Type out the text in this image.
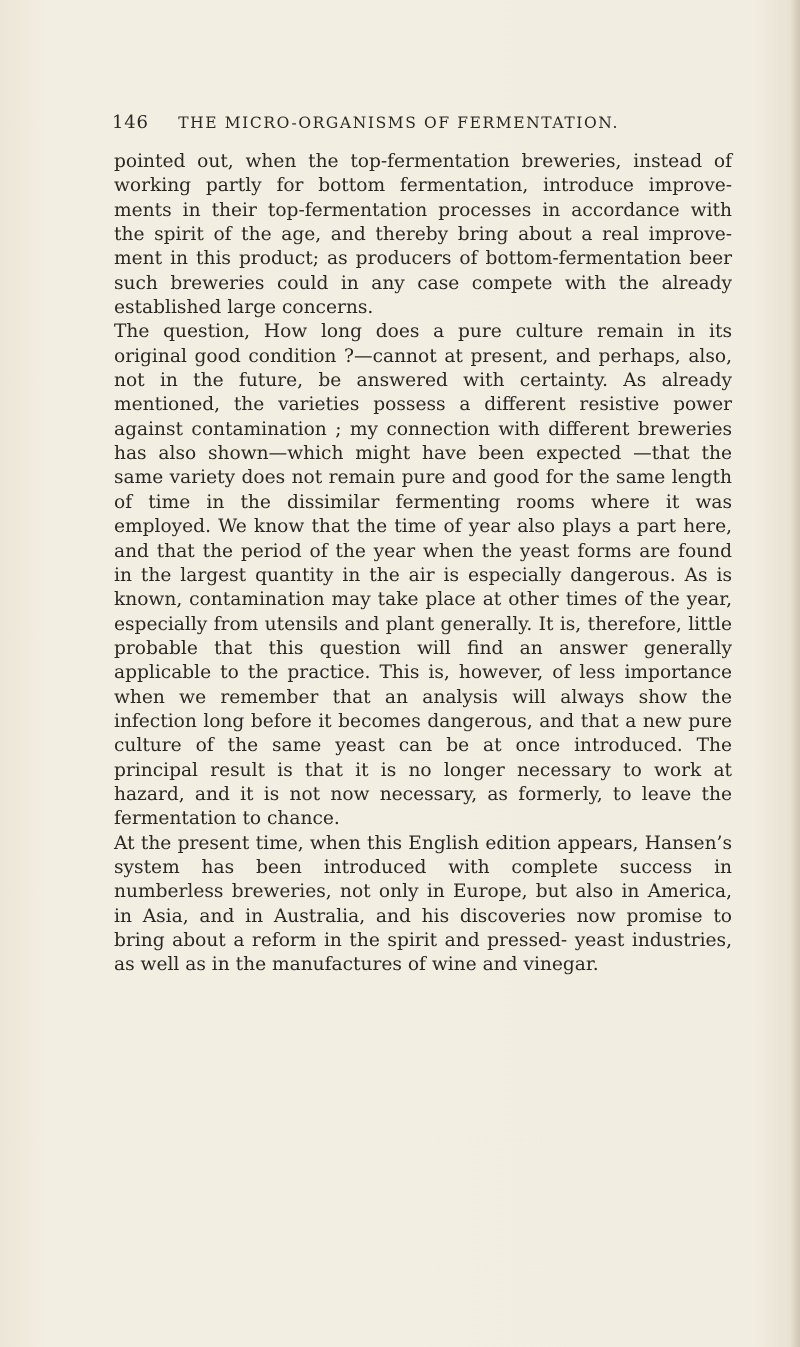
146 THE MICRO-ORGANISMS OF FERMENTATION.

pointed out, when the top-fermentation breweries, instead of working partly for bottom fermentation, introduce improve- ments in their top-fermentation processes in accordance with the spirit of the age, and thereby bring about a real improve- ment in this product; as producers of bottom-fermentation beer such breweries could in any case compete with the already established large concerns.

The question, How long does a pure culture remain in its original good condition ?—cannot at present, and perhaps, also, not in the future, be answered with certainty. As already mentioned, the varieties possess a different resistive power against contamination ; my connection with different breweries has also shown—which might have been expected —that the same variety does not remain pure and good for the same length of time in the dissimilar fermenting rooms where it was employed. We know that the time of year also plays a part here, and that the period of the year when the yeast forms are found in the largest quantity in the air is especially dangerous. As is known, contamination may take place at other times of the year, especially from utensils and plant generally. It is, therefore, little probable that this question will find an answer generally applicable to the practice. This is, however, of less importance when we remember that an analysis will always show the infection long before it becomes dangerous, and that a new pure culture of the same yeast can be at once introduced. The principal result is that it is no longer necessary to work at hazard, and it is not now necessary, as formerly, to leave the fermentation to chance.

At the present time, when this English edition appears, Hansen’s system has been introduced with complete success in numberless breweries, not only in Europe, but also in America, in Asia, and in Australia, and his discoveries now promise to bring about a reform in the spirit and pressed- yeast industries, as well as in the manufactures of wine and vinegar.
